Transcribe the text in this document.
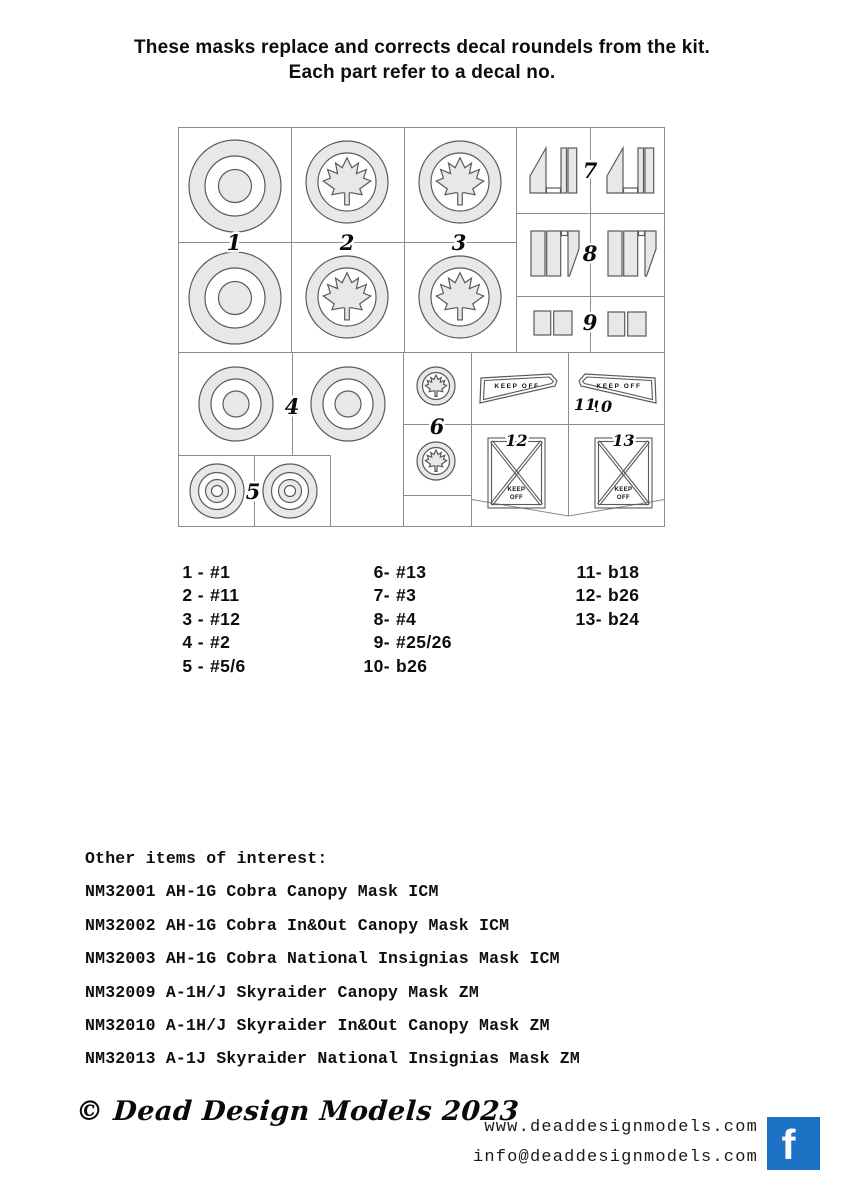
These masks replace and corrects decal roundels from the kit.
Each part refer to a decal no.
KEEP OFF	KEEP OFF
KEEP
OFF
KEEP
OFF
1	2	3
4
5
6
7
8
9
10
11
12	13
1 - #1
2 - #11
3 - #12
4 - #2
5 - #5/6
6- #13
7- #3
8- #4
9- #25/26
10- b26
11- b18
12- b26
13- b24
Other items of interest:
NM32001 AH-1G Cobra Canopy Mask ICM
NM32002 AH-1G Cobra In&Out Canopy Mask ICM
NM32003 AH-1G Cobra National Insignias Mask ICM
NM32009 A-1H/J Skyraider Canopy Mask ZM
NM32010 A-1H/J Skyraider In&Out Canopy Mask ZM
NM32013 A-1J Skyraider National Insignias Mask ZM
© Dead Design Models 2023
www.deaddesignmodels.com
info@deaddesignmodels.com f
